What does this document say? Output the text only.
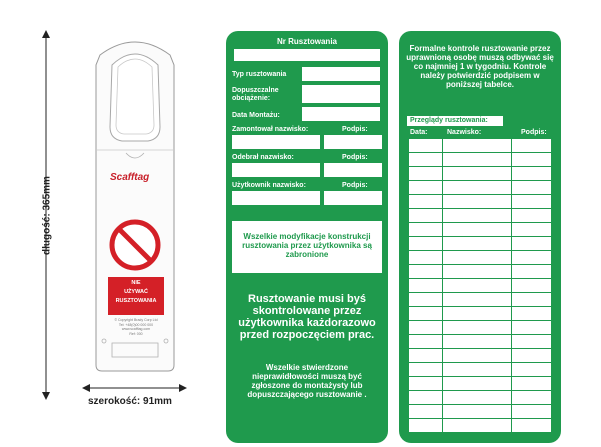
długość: 365mm
szerokość: 91mm
Scafftag
NIE
UŻYWAĆ
RUSZTOWANIA
© Copyright Brady Corp Ltd
Tel: +48(0)00 000 000
www.scafftag.com
Ref: 000
Nr Rusztowania
Typ rusztowania
Dopuszczalne obciążenie:
Data Montażu:
Zamontował nazwisko:	Podpis:
Odebrał nazwisko:	Podpis:
Użytkownik nazwisko:	Podpis:
Wszelkie modyfikacje konstrukcji rusztowania przez użytkownika są zabronione
Rusztowanie musi byś skontrolowane przez użytkownika każdorazowo przed rozpoczęciem prac.
Wszelkie stwierdzone nieprawidłowości muszą być zgłoszone do montażysty lub dopuszczającego rusztowanie .
Formalne kontrole rusztowanie przez uprawnioną osobę muszą odbywać się co najmniej 1 w tygodniu. Kontrole należy potwierdzić podpisem w poniższej tabelce.
Przeglądy rusztowania:
Data:	Nazwisko:	Podpis:
